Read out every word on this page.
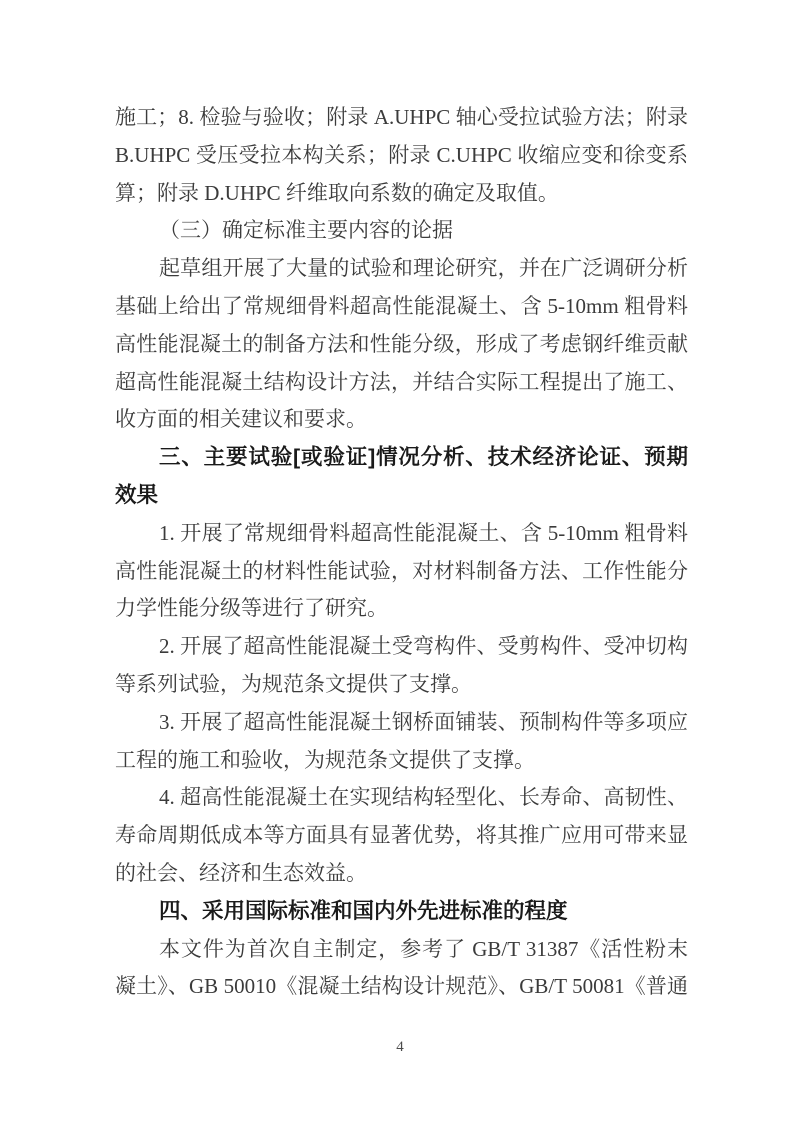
施工；8. 检验与验收；附录 A.UHPC 轴心受拉试验方法；附录
B.UHPC 受压受拉本构关系；附录 C.UHPC 收缩应变和徐变系
算；附录 D.UHPC 纤维取向系数的确定及取值。
（三）确定标准主要内容的论据
起草组开展了大量的试验和理论研究，并在广泛调研分析
基础上给出了常规细骨料超高性能混凝土、含 5-10mm 粗骨料
高性能混凝土的制备方法和性能分级，形成了考虑钢纤维贡献
超高性能混凝土结构设计方法，并结合实际工程提出了施工、
收方面的相关建议和要求。
三、主要试验[或验证]情况分析、技术经济论证、预期
效果
1. 开展了常规细骨料超高性能混凝土、含 5-10mm 粗骨料
高性能混凝土的材料性能试验，对材料制备方法、工作性能分
力学性能分级等进行了研究。
2. 开展了超高性能混凝土受弯构件、受剪构件、受冲切构
等系列试验，为规范条文提供了支撑。
3. 开展了超高性能混凝土钢桥面铺装、预制构件等多项应
工程的施工和验收，为规范条文提供了支撑。
4. 超高性能混凝土在实现结构轻型化、长寿命、高韧性、
寿命周期低成本等方面具有显著优势，将其推广应用可带来显
的社会、经济和生态效益。
四、采用国际标准和国内外先进标准的程度
本文件为首次自主制定，参考了 GB/T 31387《活性粉末
凝土》、GB 50010《混凝土结构设计规范》、GB/T 50081《普通
4
